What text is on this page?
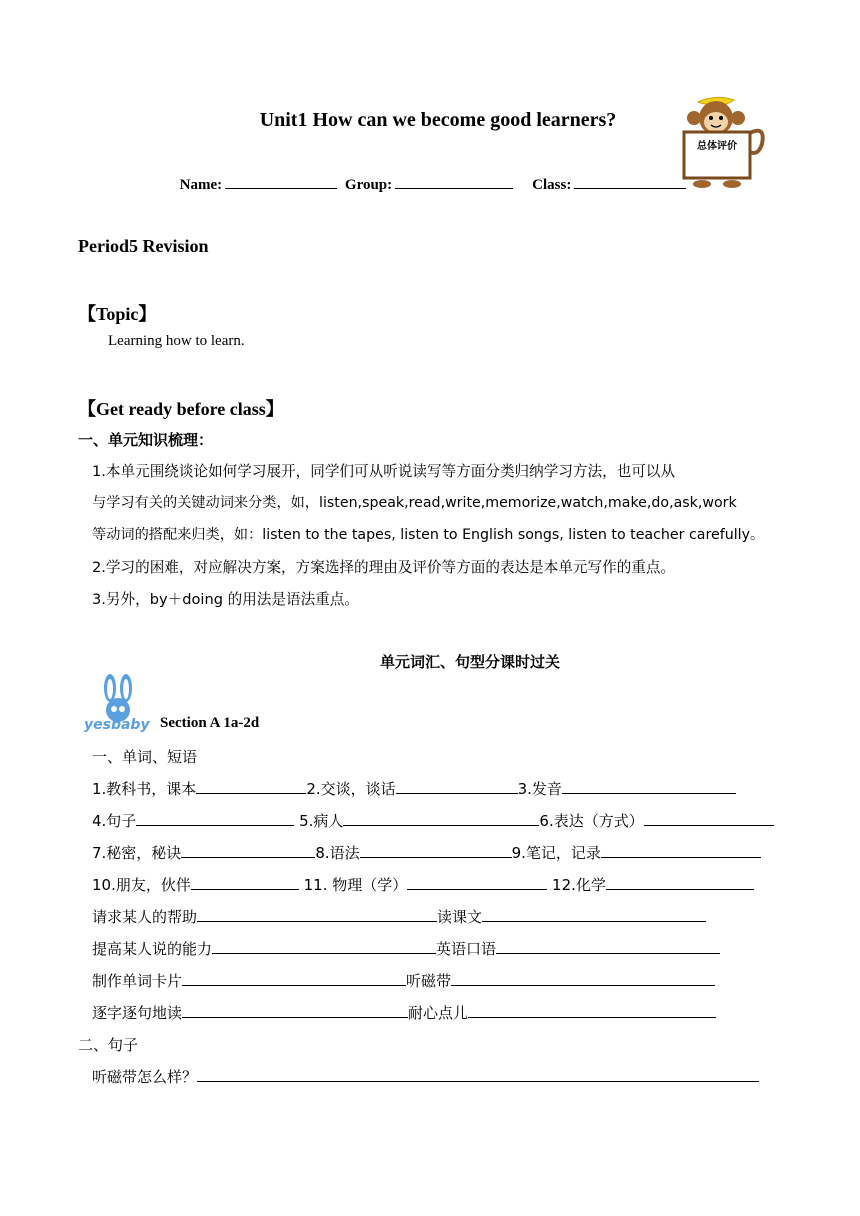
Unit1 How can we become good learners?
总体评价
Name:	Group:	Class:
Period5 Revision
【Topic】
Learning how to learn.
【Get ready before class】
一、单元知识梳理：
1.本单元围绕谈论如何学习展开，同学们可从听说读写等方面分类归纳学习方法，也可以从
与学习有关的关键动词来分类，如，listen,speak,read,write,memorize,watch,make,do,ask,work
等动词的搭配来归类，如：listen to the tapes, listen to English songs, listen to teacher carefully。
2.学习的困难，对应解决方案，方案选择的理由及评价等方面的表达是本单元写作的重点。
3.另外，by＋doing 的用法是语法重点。
单元词汇、句型分课时过关
yesbaby Section A 1a-2d
一、单词、短语
1.教科书，课本	2.交谈，谈话	3.发音
4.句子	5.病人	6.表达（方式）
7.秘密，秘诀	8.语法	9.笔记，记录
10.朋友，伙伴	11. 物理（学）	12.化学
请求某人的帮助	读课文
提高某人说的能力	英语口语
制作单词卡片	听磁带
逐字逐句地读	耐心点儿
二、句子
听磁带怎么样？
